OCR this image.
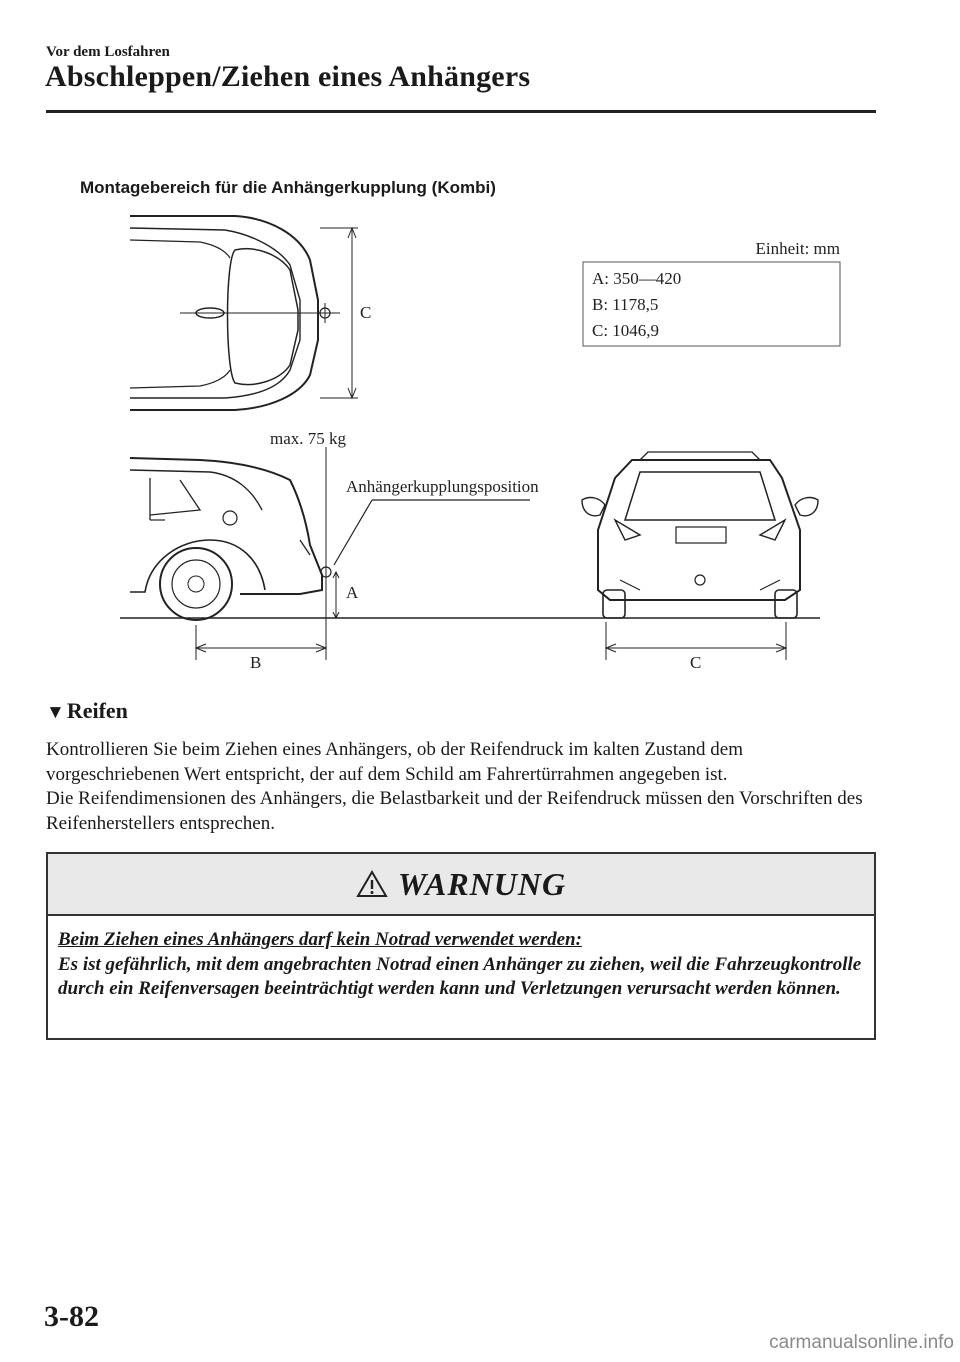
Vor dem Losfahren
Abschleppen/Ziehen eines Anhängers
Montagebereich für die Anhängerkupplung (Kombi)
C
Einheit: mm
A: 350—420
B: 1178,5
C: 1046,9
max. 75 kg
Anhängerkupplungsposition
A
B	C
▼Reifen

Kontrollieren Sie beim Ziehen eines Anhängers, ob der Reifendruck im kalten Zustand dem vorgeschriebenen Wert entspricht, der auf dem Schild am Fahrertürrahmen angegeben ist.

Die Reifendimensionen des Anhängers, die Belastbarkeit und der Reifendruck müssen den Vorschriften des Reifenherstellers entsprechen.

WARNUNG

Beim Ziehen eines Anhängers darf kein Notrad verwendet werden:

Es ist gefährlich, mit dem angebrachten Notrad einen Anhänger zu ziehen, weil die Fahrzeugkontrolle durch ein Reifenversagen beeinträchtigt werden kann und Verletzungen verursacht werden können.

3-82
carmanualsonline.info
